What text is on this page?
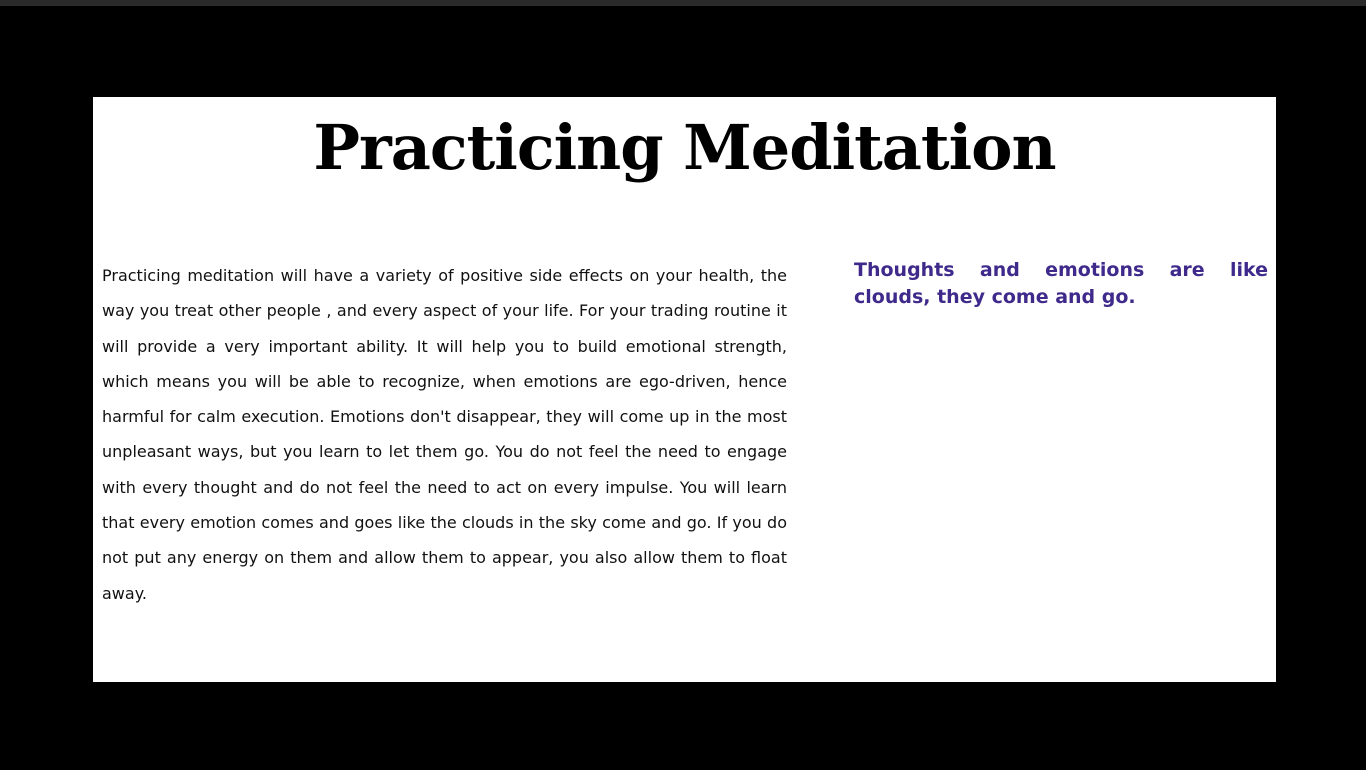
Practicing Meditation

Practicing meditation will have a variety of positive side effects on your health, the way you treat other people , and every aspect of your life. For your trading routine it will provide a very important ability. It will help you to build emotional strength, which means you will be able to recognize, when emotions are ego-driven, hence harmful for calm execution. Emotions don't disappear, they will come up in the most unpleasant ways, but you learn to let them go. You do not feel the need to engage with every thought and do not feel the need to act on every impulse. You will learn that every emotion comes and goes like the clouds in the sky come and go. If you do not put any energy on them and allow them to appear, you also allow them to float away.

Thoughts and emotions are like clouds, they come and go.
